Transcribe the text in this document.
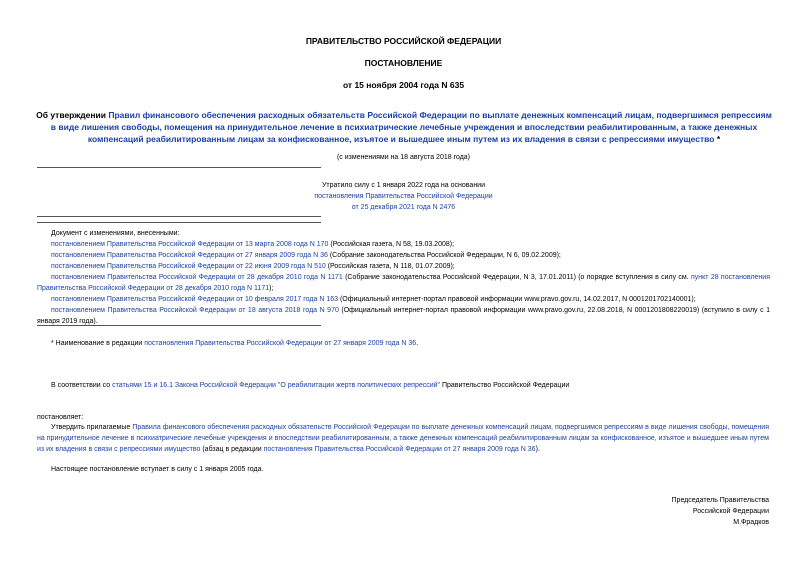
ПРАВИТЕЛЬСТВО РОССИЙСКОЙ ФЕДЕРАЦИИ
ПОСТАНОВЛЕНИЕ
от 15 ноября 2004 года N 635
Об утверждении Правил финансового обеспечения расходных обязательств Российской Федерации по выплате денежных компенсаций лицам, подвергшимся репрессиям в виде лишения свободы, помещения на принудительное лечение в психиатрические лечебные учреждения и впоследствии реабилитированным, а также денежных компенсаций реабилитированным лицам за конфискованное, изъятое и вышедшее иным путем из их владения в связи с репрессиями имущество *
(с изменениями на 18 августа 2018 года)
Утратило силу с 1 января 2022 года на основании
постановления Правительства Российской Федерации
от 25 декабря 2021 года N 2476
Документ с изменениями, внесенными:
постановлением Правительства Российской Федерации от 13 марта 2008 года N 170 (Российская газета, N 58, 19.03.2008);
постановлением Правительства Российской Федерации от 27 января 2009 года N 36 (Собрание законодательства Российской Федерации, N 6, 09.02.2009);
постановлением Правительства Российской Федерации от 22 июня 2009 года N 510 (Российская газета, N 118, 01.07.2009);
постановлением Правительства Российской Федерации от 28 декабря 2010 года N 1171 (Собрание законодательства Российской Федерации, N 3, 17.01.2011) (о порядке вступления в силу см. пункт 28 постановления Правительства Российской Федерации от 28 декабря 2010 года N 1171);
постановлением Правительства Российской Федерации от 10 февраля 2017 года N 163 (Официальный интернет-портал правовой информации www.pravo.gov.ru, 14.02.2017, N 0001201702140001);
постановлением Правительства Российской Федерации от 18 августа 2018 года N 970 (Официальный интернет-портал правовой информации www.pravo.gov.ru, 22.08.2018, N 0001201808220019) (вступило в силу с 1 января 2019 года).
* Наименование в редакции постановления Правительства Российской Федерации от 27 января 2009 года N 36.
В соответствии со статьями 15 и 16.1 Закона Российской Федерации "О реабилитации жертв политических репрессий" Правительство Российской Федерации
постановляет:
Утвердить прилагаемые Правила финансового обеспечения расходных обязательств Российской Федерации по выплате денежных компенсаций лицам, подвергшимся репрессиям в виде лишения свободы, помещения на принудительное лечение в психиатрические лечебные учреждения и впоследствии реабилитированным, а также денежных компенсаций реабилитированным лицам за конфискованное, изъятое и вышедшее иным путем из их владения в связи с репрессиями имущество (абзац в редакции постановления Правительства Российской Федерации от 27 января 2009 года N 36).
Настоящее постановление вступает в силу с 1 января 2005 года.
Председатель Правительства
Российской Федерации
М.Фрадков
